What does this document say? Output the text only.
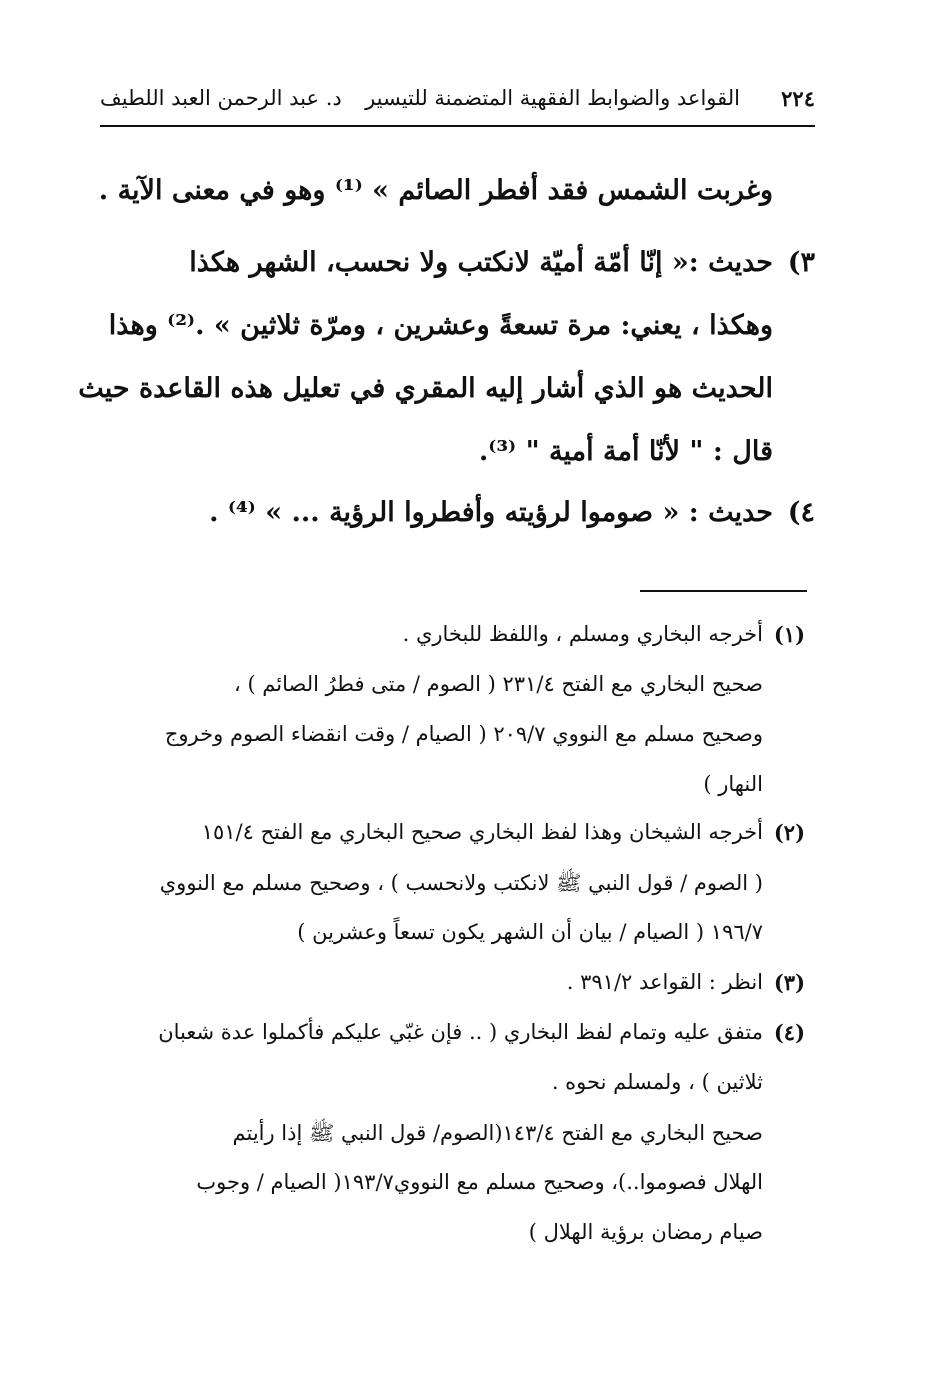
٢٢٤
القواعد والضوابط الفقهية المتضمنة للتيسير
د. عبد الرحمن العبد اللطيف
وغربت الشمس فقد أفطر الصائم » ⁽¹⁾ وهو في معنى الآية .
٣)
حديث :« إنّا أمّة أميّة لانكتب ولا نحسب، الشهر هكذا
وهكذا ، يعني: مرة تسعةً وعشرين ، ومرّة ثلاثين » .⁽²⁾ وهذا
الحديث هو الذي أشار إليه المقري في تعليل هذه القاعدة حيث
قال : " لأنّا أمة أمية " ⁽³⁾.
٤)
حديث : « صوموا لرؤيته وأفطروا الرؤية ... » ⁽⁴⁾ .
(١)
أخرجه البخاري ومسلم ، واللفظ للبخاري .
صحيح البخاري مع الفتح ٢٣١/٤ ( الصوم / متى فطرُ الصائم ) ،
وصحيح مسلم مع النووي ٢٠٩/٧ ( الصيام / وقت انقضاء الصوم وخروج
النهار )
(٢)
أخرجه الشيخان وهذا لفظ البخاري صحيح البخاري مع الفتح ١٥١/٤
( الصوم / قول النبي ﷺ لانكتب ولانحسب ) ، وصحيح مسلم مع النووي
١٩٦/٧ ( الصيام / بيان أن الشهر يكون تسعاً وعشرين )
(٣)
انظر : القواعد ٣٩١/٢ .
(٤)
متفق عليه وتمام لفظ البخاري ( .. فإن غبّي عليكم فأكملوا عدة شعبان
ثلاثين ) ، ولمسلم نحوه .
صحيح البخاري مع الفتح ١٤٣/٤(الصوم/ قول النبي ﷺ إذا رأيتم
الهلال فصوموا..)، وصحيح مسلم مع النووي١٩٣/٧( الصيام / وجوب
صيام رمضان برؤية الهلال )
